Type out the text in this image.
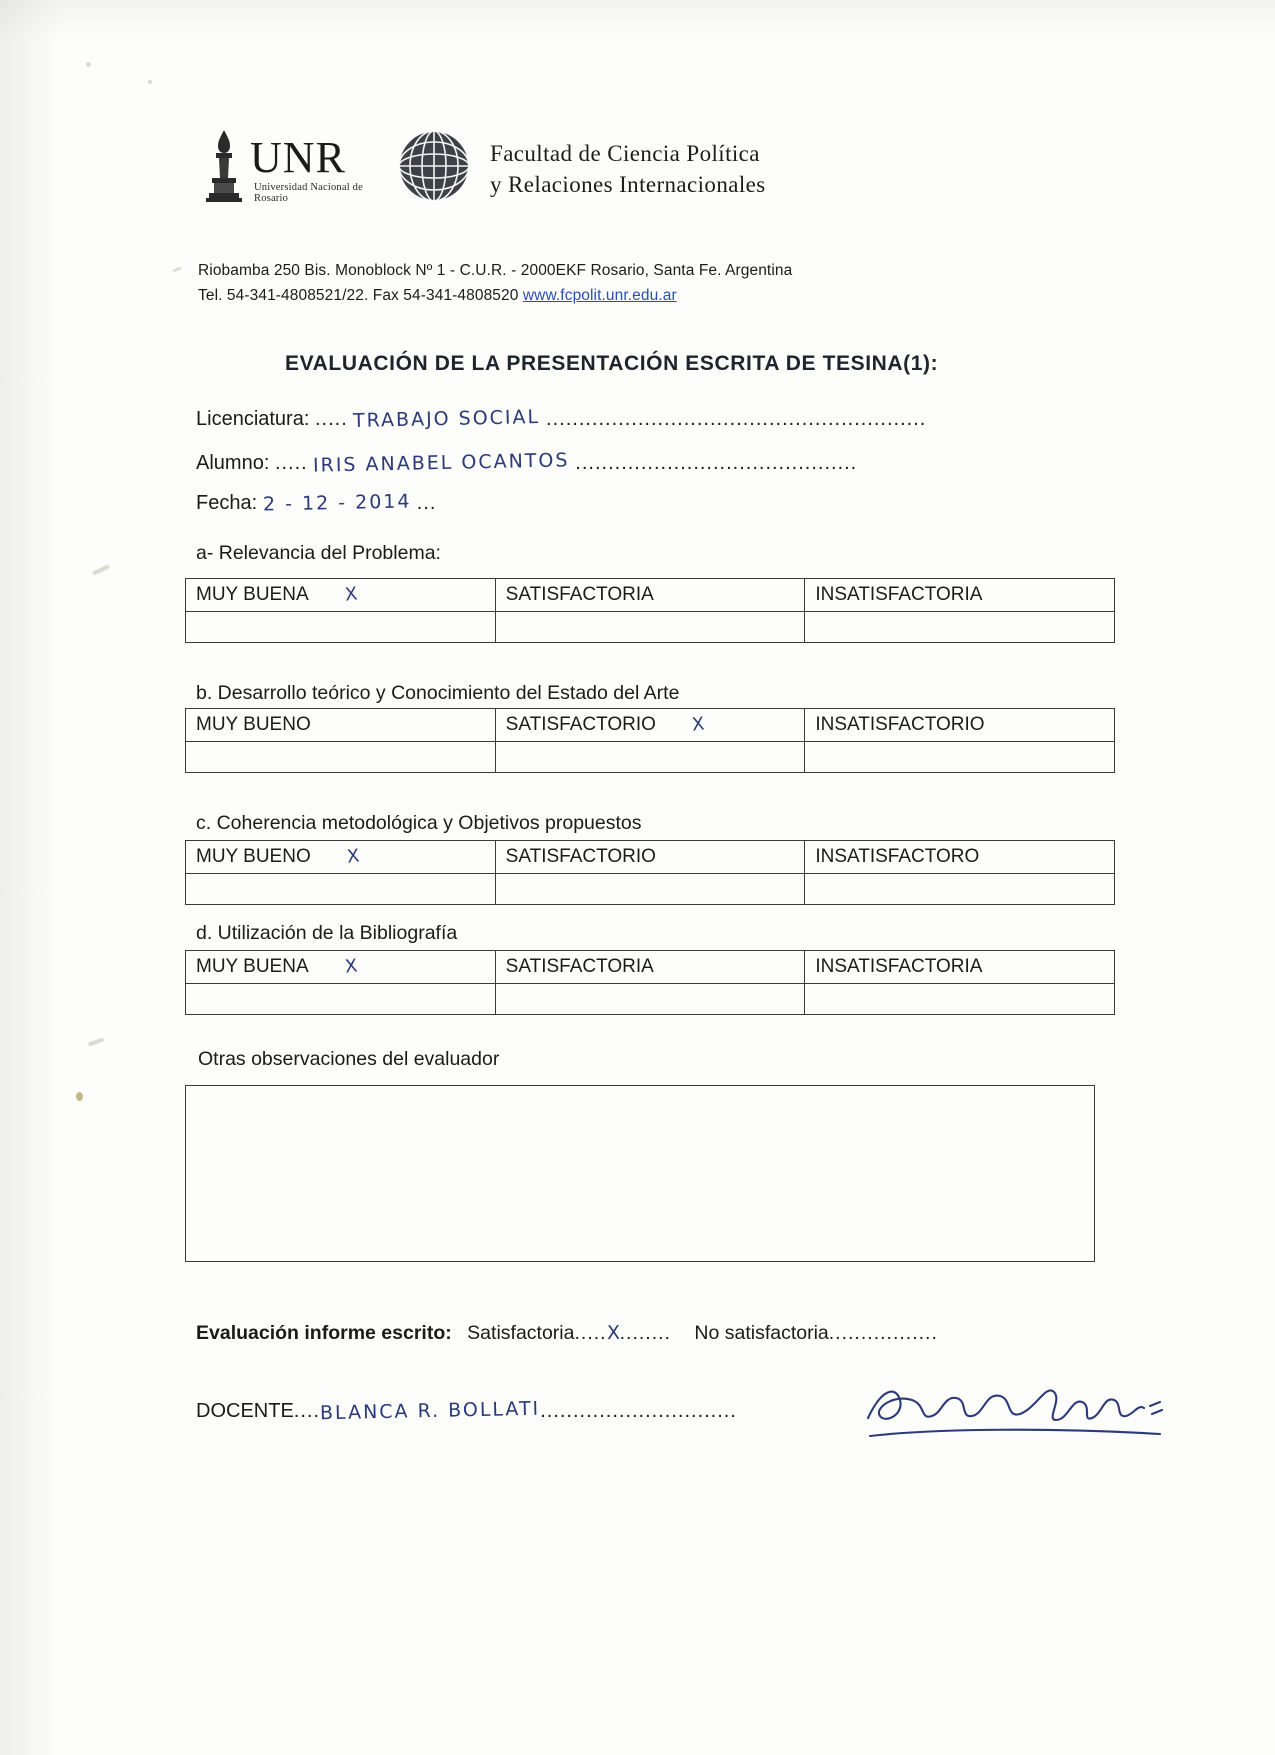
UNR
Universidad Nacional de Rosario
Facultad de Ciencia Política
y Relaciones Internacionales
Riobamba 250 Bis. Monoblock Nº 1 - C.U.R. - 2000EKF Rosario, Santa Fe. Argentina
Tel. 54-341-4808521/22. Fax 54-341-4808520 www.fcpolit.unr.edu.ar
EVALUACIÓN DE LA PRESENTACIÓN ESCRITA DE TESINA(1):
Licenciatura: ..... TRABAJO SOCIAL ..........................................................
Alumno: ..... IRIS ANABEL OCANTOS ...........................................
Fecha: 2 - 12 - 2014 ...
a- Relevancia del Problema:
MUY BUENA X	SATISFACTORIA	INSATISFACTORIA

b. Desarrollo teórico y Conocimiento del Estado del Arte
MUY BUENO	SATISFACTORIO X	INSATISFACTORIO

c. Coherencia metodológica y Objetivos propuestos
MUY BUENO X	SATISFACTORIO	INSATISFACTORO

d. Utilización de la Bibliografía
MUY BUENA X	SATISFACTORIA	INSATISFACTORIA

Otras observaciones del evaluador
Evaluación informe escrito: Satisfactoria.....X........ No satisfactoria.................
DOCENTE....BLANCA R. BOLLATI..............................
